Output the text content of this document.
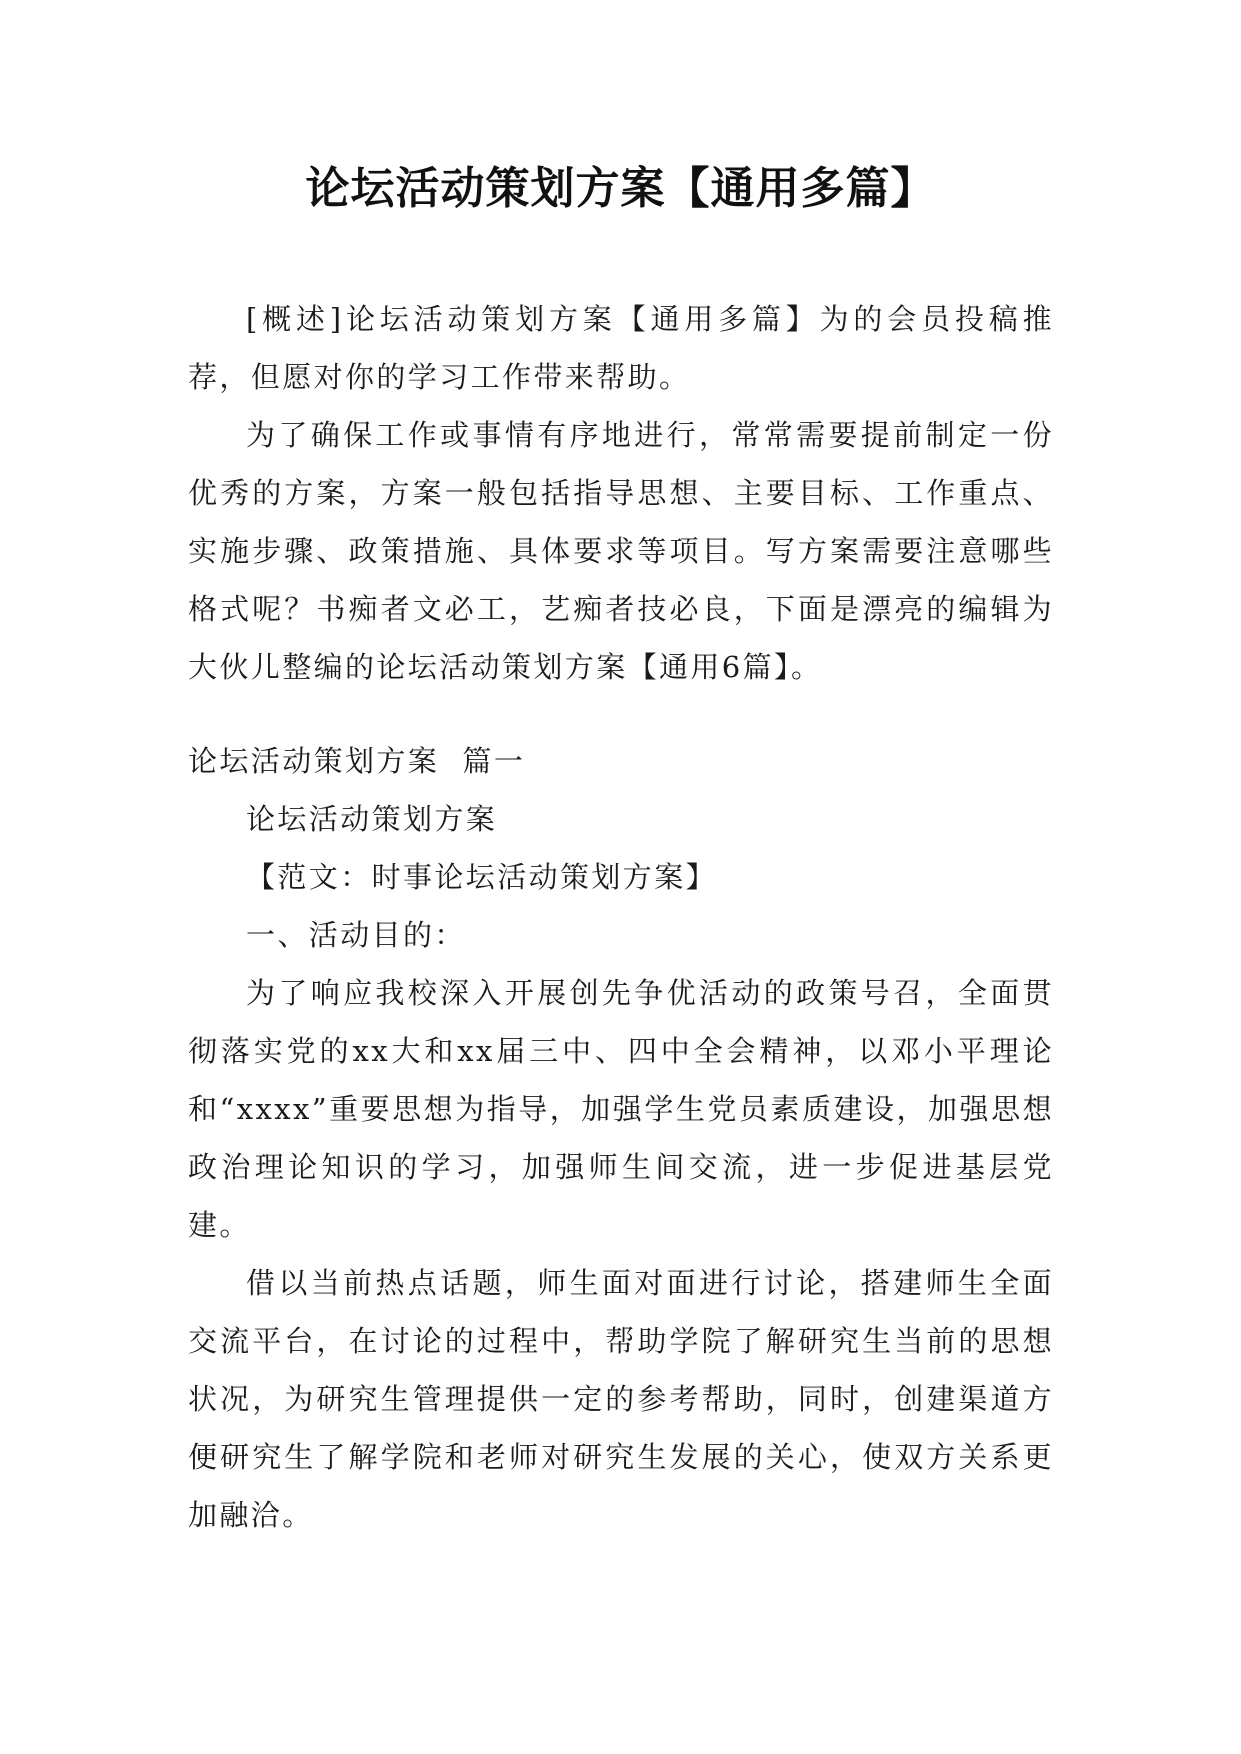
论坛活动策划方案【通用多篇】

[概述]论坛活动策划方案【通用多篇】为的会员投稿推荐，但愿对你的学习工作带来帮助。

为了确保工作或事情有序地进行，常常需要提前制定一份优秀的方案，方案一般包括指导思想、主要目标、工作重点、实施步骤、政策措施、具体要求等项目。写方案需要注意哪些格式呢？书痴者文必工，艺痴者技必良，下面是漂亮的编辑为大伙儿整编的论坛活动策划方案【通用6篇】。

论坛活动策划方案  篇一

论坛活动策划方案

【范文：时事论坛活动策划方案】

一、活动目的：

为了响应我校深入开展创先争优活动的政策号召，全面贯彻落实党的xx大和xx届三中、四中全会精神，以邓小平理论和“xxxx”重要思想为指导，加强学生党员素质建设，加强思想政治理论知识的学习，加强师生间交流，进一步促进基层党建。

借以当前热点话题，师生面对面进行讨论，搭建师生全面交流平台，在讨论的过程中，帮助学院了解研究生当前的思想状况，为研究生管理提供一定的参考帮助，同时，创建渠道方便研究生了解学院和老师对研究生发展的关心，使双方关系更加融洽。
